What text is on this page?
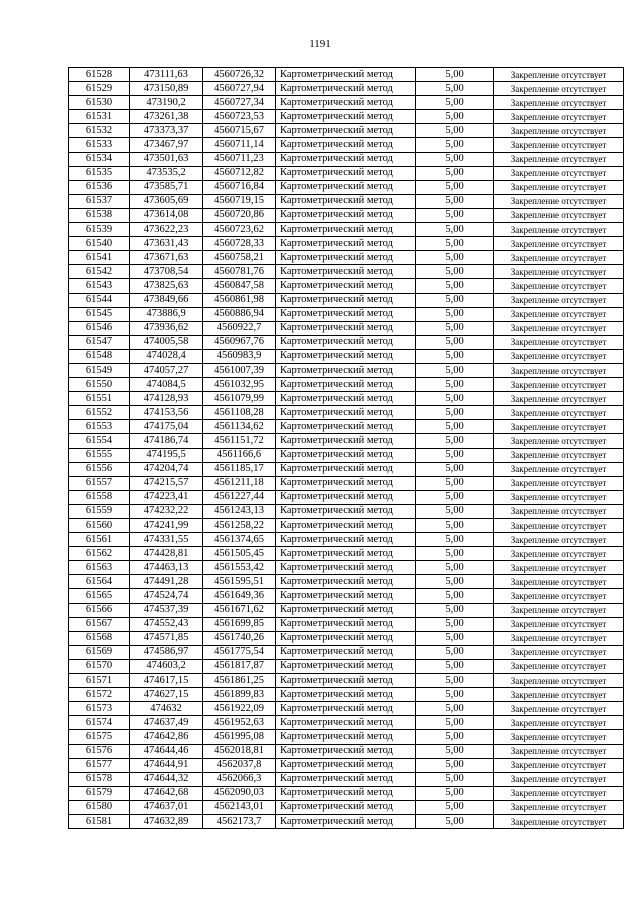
1191
61528	473111,63	4560726,32	Картометрический метод	5,00	Закрепление отсутствует
61529	473150,89	4560727,94	Картометрический метод	5,00	Закрепление отсутствует
61530	473190,2	4560727,34	Картометрический метод	5,00	Закрепление отсутствует
61531	473261,38	4560723,53	Картометрический метод	5,00	Закрепление отсутствует
61532	473373,37	4560715,67	Картометрический метод	5,00	Закрепление отсутствует
61533	473467,97	4560711,14	Картометрический метод	5,00	Закрепление отсутствует
61534	473501,63	4560711,23	Картометрический метод	5,00	Закрепление отсутствует
61535	473535,2	4560712,82	Картометрический метод	5,00	Закрепление отсутствует
61536	473585,71	4560716,84	Картометрический метод	5,00	Закрепление отсутствует
61537	473605,69	4560719,15	Картометрический метод	5,00	Закрепление отсутствует
61538	473614,08	4560720,86	Картометрический метод	5,00	Закрепление отсутствует
61539	473622,23	4560723,62	Картометрический метод	5,00	Закрепление отсутствует
61540	473631,43	4560728,33	Картометрический метод	5,00	Закрепление отсутствует
61541	473671,63	4560758,21	Картометрический метод	5,00	Закрепление отсутствует
61542	473708,54	4560781,76	Картометрический метод	5,00	Закрепление отсутствует
61543	473825,63	4560847,58	Картометрический метод	5,00	Закрепление отсутствует
61544	473849,66	4560861,98	Картометрический метод	5,00	Закрепление отсутствует
61545	473886,9	4560886,94	Картометрический метод	5,00	Закрепление отсутствует
61546	473936,62	4560922,7	Картометрический метод	5,00	Закрепление отсутствует
61547	474005,58	4560967,76	Картометрический метод	5,00	Закрепление отсутствует
61548	474028,4	4560983,9	Картометрический метод	5,00	Закрепление отсутствует
61549	474057,27	4561007,39	Картометрический метод	5,00	Закрепление отсутствует
61550	474084,5	4561032,95	Картометрический метод	5,00	Закрепление отсутствует
61551	474128,93	4561079,99	Картометрический метод	5,00	Закрепление отсутствует
61552	474153,56	4561108,28	Картометрический метод	5,00	Закрепление отсутствует
61553	474175,04	4561134,62	Картометрический метод	5,00	Закрепление отсутствует
61554	474186,74	4561151,72	Картометрический метод	5,00	Закрепление отсутствует
61555	474195,5	4561166,6	Картометрический метод	5,00	Закрепление отсутствует
61556	474204,74	4561185,17	Картометрический метод	5,00	Закрепление отсутствует
61557	474215,57	4561211,18	Картометрический метод	5,00	Закрепление отсутствует
61558	474223,41	4561227,44	Картометрический метод	5,00	Закрепление отсутствует
61559	474232,22	4561243,13	Картометрический метод	5,00	Закрепление отсутствует
61560	474241,99	4561258,22	Картометрический метод	5,00	Закрепление отсутствует
61561	474331,55	4561374,65	Картометрический метод	5,00	Закрепление отсутствует
61562	474428,81	4561505,45	Картометрический метод	5,00	Закрепление отсутствует
61563	474463,13	4561553,42	Картометрический метод	5,00	Закрепление отсутствует
61564	474491,28	4561595,51	Картометрический метод	5,00	Закрепление отсутствует
61565	474524,74	4561649,36	Картометрический метод	5,00	Закрепление отсутствует
61566	474537,39	4561671,62	Картометрический метод	5,00	Закрепление отсутствует
61567	474552,43	4561699,85	Картометрический метод	5,00	Закрепление отсутствует
61568	474571,85	4561740,26	Картометрический метод	5,00	Закрепление отсутствует
61569	474586,97	4561775,54	Картометрический метод	5,00	Закрепление отсутствует
61570	474603,2	4561817,87	Картометрический метод	5,00	Закрепление отсутствует
61571	474617,15	4561861,25	Картометрический метод	5,00	Закрепление отсутствует
61572	474627,15	4561899,83	Картометрический метод	5,00	Закрепление отсутствует
61573	474632	4561922,09	Картометрический метод	5,00	Закрепление отсутствует
61574	474637,49	4561952,63	Картометрический метод	5,00	Закрепление отсутствует
61575	474642,86	4561995,08	Картометрический метод	5,00	Закрепление отсутствует
61576	474644,46	4562018,81	Картометрический метод	5,00	Закрепление отсутствует
61577	474644,91	4562037,8	Картометрический метод	5,00	Закрепление отсутствует
61578	474644,32	4562066,3	Картометрический метод	5,00	Закрепление отсутствует
61579	474642,68	4562090,03	Картометрический метод	5,00	Закрепление отсутствует
61580	474637,01	4562143,01	Картометрический метод	5,00	Закрепление отсутствует
61581	474632,89	4562173,7	Картометрический метод	5,00	Закрепление отсутствует
